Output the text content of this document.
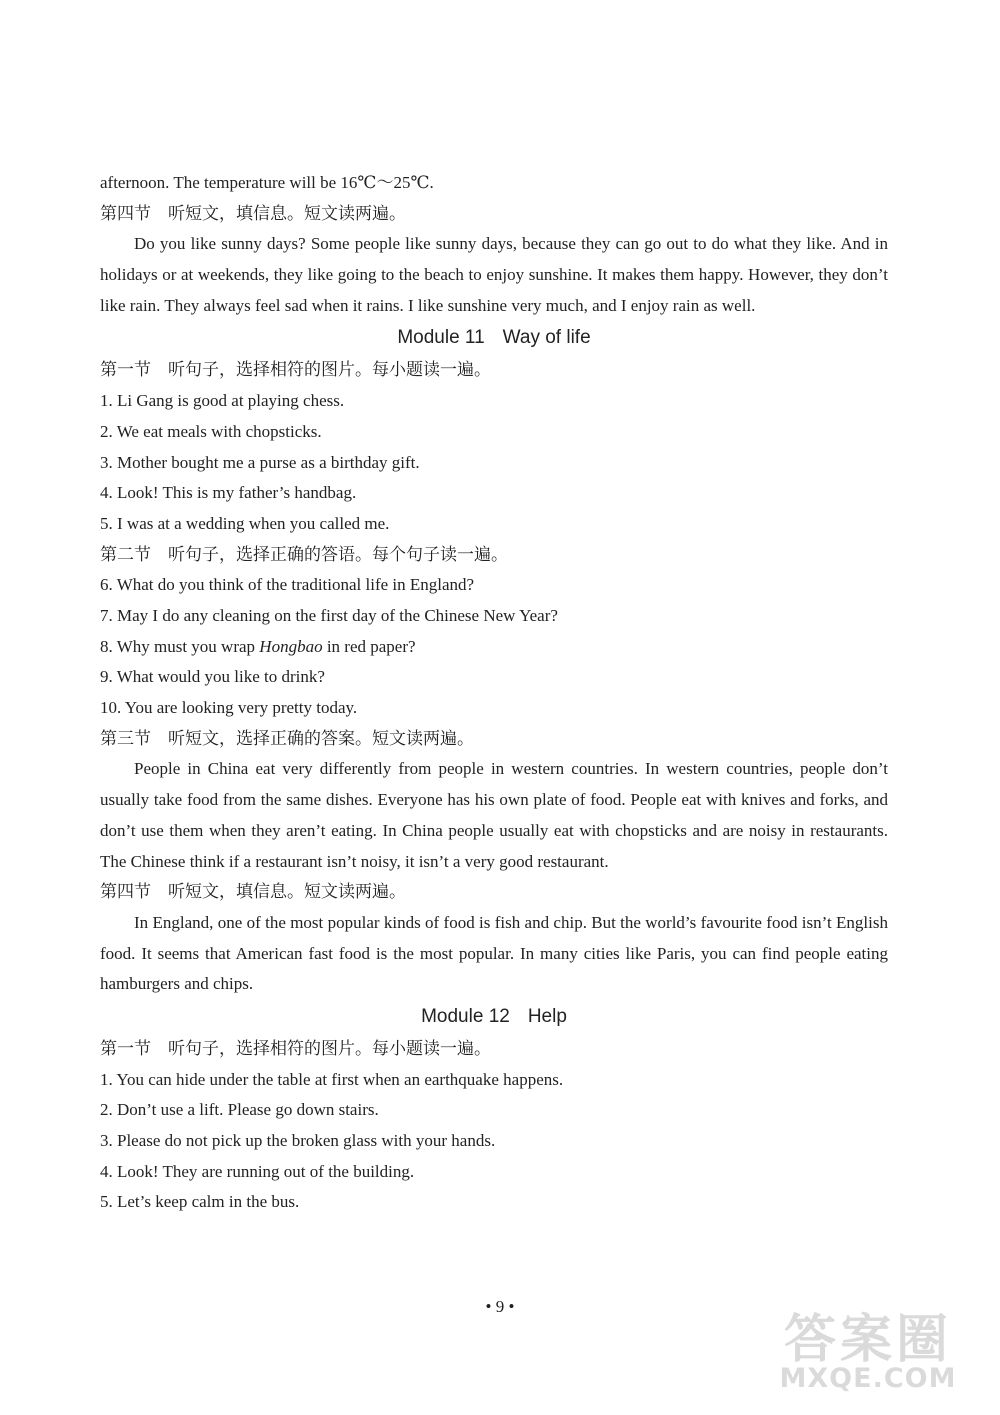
afternoon. The temperature will be 16℃～25℃.
第四节　听短文，填信息。短文读两遍。

Do you like sunny days? Some people like sunny days, because they can go out to do what they like. And in holidays or at weekends, they like going to the beach to enjoy sunshine. It makes them happy. However, they don’t like rain. They always feel sad when it rains. I like sunshine very much, and I enjoy rain as well.

Module 11 Way of life
第一节　听句子，选择相符的图片。每小题读一遍。
1. Li Gang is good at playing chess.
2. We eat meals with chopsticks.
3. Mother bought me a purse as a birthday gift.
4. Look! This is my father’s handbag.
5. I was at a wedding when you called me.
第二节　听句子，选择正确的答语。每个句子读一遍。
6. What do you think of the traditional life in England?
7. May I do any cleaning on the first day of the Chinese New Year?
8. Why must you wrap Hongbao in red paper?
9. What would you like to drink?
10. You are looking very pretty today.
第三节　听短文，选择正确的答案。短文读两遍。

People in China eat very differently from people in western countries. In western countries, people don’t usually take food from the same dishes. Everyone has his own plate of food. People eat with knives and forks, and don’t use them when they aren’t eating. In China people usually eat with chopsticks and are noisy in restaurants. The Chinese think if a restaurant isn’t noisy, it isn’t a very good restaurant.

第四节　听短文，填信息。短文读两遍。

In England, one of the most popular kinds of food is fish and chip. But the world’s favourite food isn’t English food. It seems that American fast food is the most popular. In many cities like Paris, you can find people eating hamburgers and chips.

Module 12 Help
第一节　听句子，选择相符的图片。每小题读一遍。
1. You can hide under the table at first when an earthquake happens.
2. Don’t use a lift. Please go down stairs.
3. Please do not pick up the broken glass with your hands.
4. Look! They are running out of the building.
5. Let’s keep calm in the bus.
• 9 •
答案圈
MXQE.COM
